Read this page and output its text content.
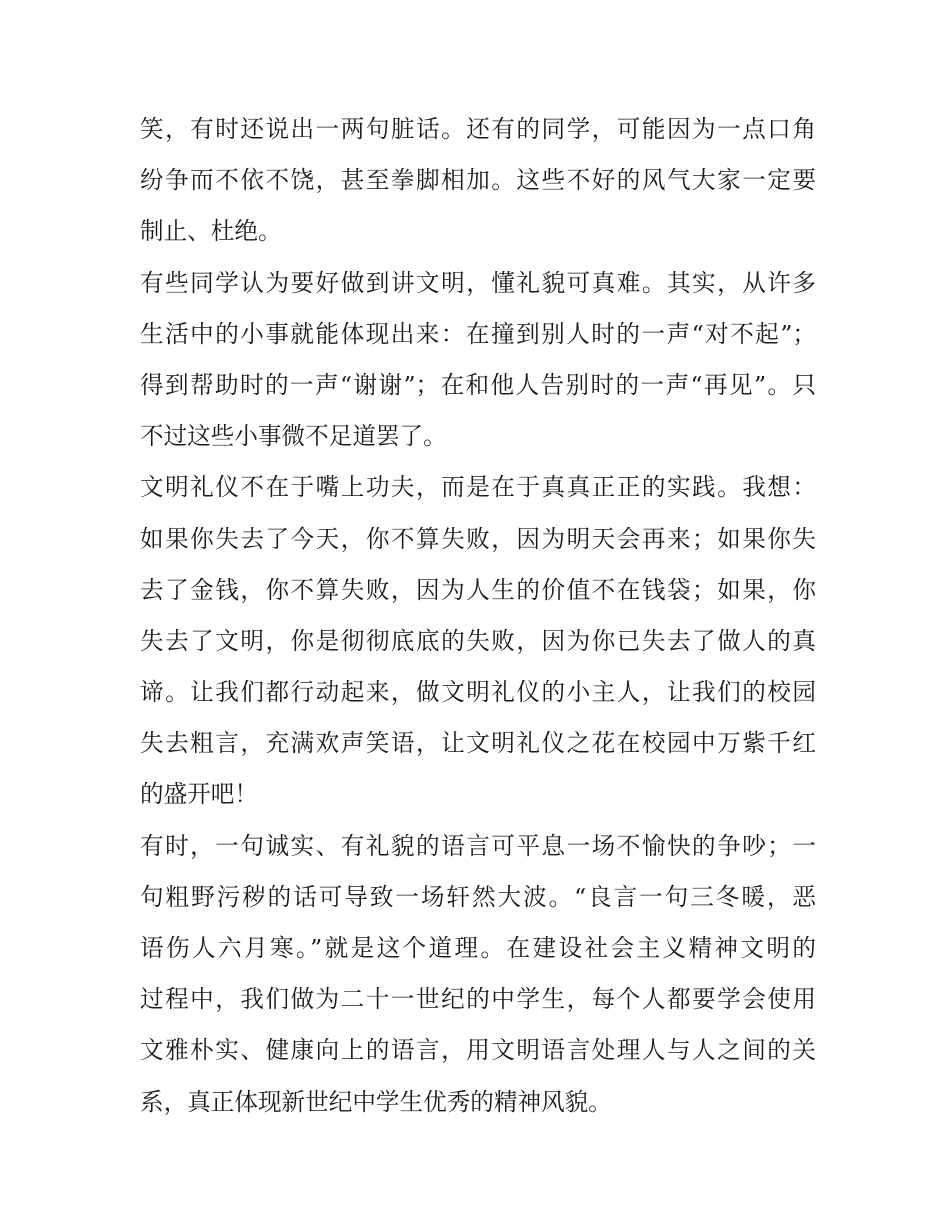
笑，有时还说出一两句脏话。还有的同学，可能因为一点口角
纷争而不依不饶，甚至拳脚相加。这些不好的风气大家一定要
制止、杜绝。
有些同学认为要好做到讲文明，懂礼貌可真难。其实，从许多
生活中的小事就能体现出来：在撞到别人时的一声“对不起”；
得到帮助时的一声“谢谢”；在和他人告别时的一声“再见”。只
不过这些小事微不足道罢了。
文明礼仪不在于嘴上功夫，而是在于真真正正的实践。我想：
如果你失去了今天，你不算失败，因为明天会再来；如果你失
去了金钱，你不算失败，因为人生的价值不在钱袋；如果，你
失去了文明，你是彻彻底底的失败，因为你已失去了做人的真
谛。让我们都行动起来，做文明礼仪的小主人，让我们的校园
失去粗言，充满欢声笑语，让文明礼仪之花在校园中万紫千红
的盛开吧！
有时，一句诚实、有礼貌的语言可平息一场不愉快的争吵；一
句粗野污秽的话可导致一场轩然大波。“良言一句三冬暖，恶
语伤人六月寒。”就是这个道理。在建设社会主义精神文明的
过程中，我们做为二十一世纪的中学生，每个人都要学会使用
文雅朴实、健康向上的语言，用文明语言处理人与人之间的关
系，真正体现新世纪中学生优秀的精神风貌。
